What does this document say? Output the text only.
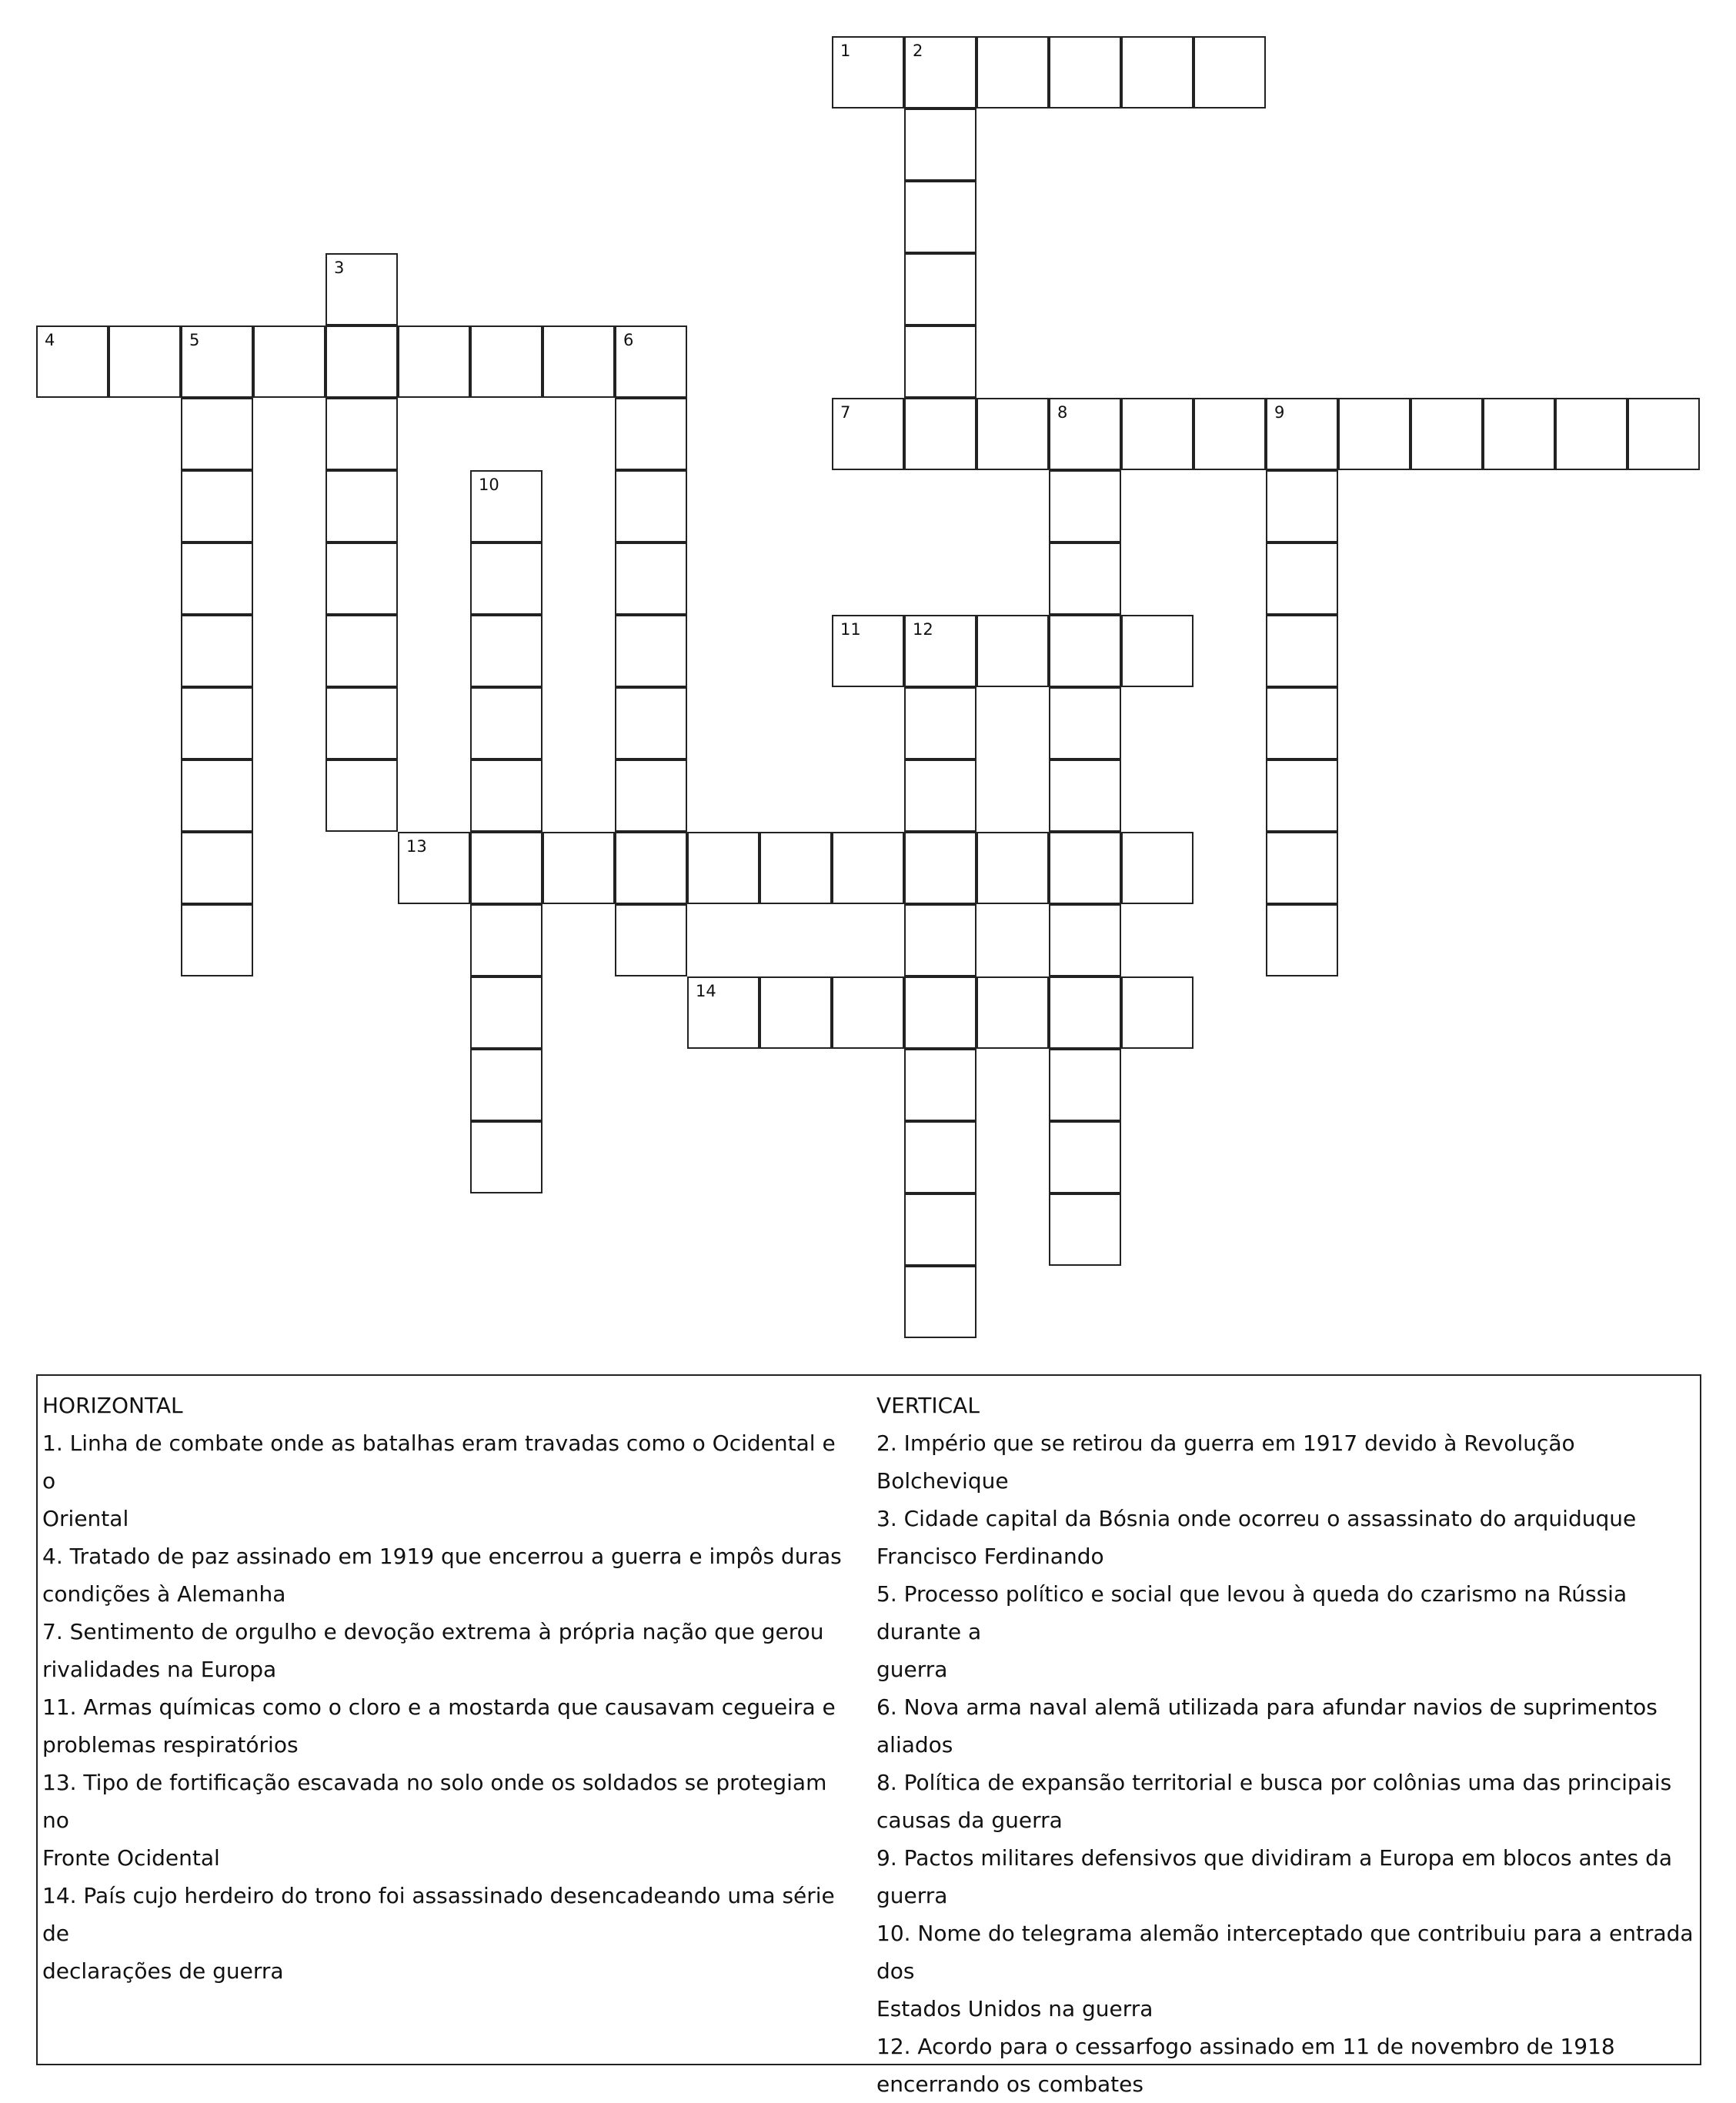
1	2
3
4	5	6
7	8	9
10
11	12
13
14
HORIZONTAL
1. Linha de combate onde as batalhas eram travadas como o Ocidental e o
Oriental
4. Tratado de paz assinado em 1919 que encerrou a guerra e impôs duras
condições à Alemanha
7. Sentimento de orgulho e devoção extrema à própria nação que gerou
rivalidades na Europa
11. Armas químicas como o cloro e a mostarda que causavam cegueira e
problemas respiratórios
13. Tipo de fortificação escavada no solo onde os soldados se protegiam no
Fronte Ocidental
14. País cujo herdeiro do trono foi assassinado desencadeando uma série de
declarações de guerra
VERTICAL
2. Império que se retirou da guerra em 1917 devido à Revolução Bolchevique
3. Cidade capital da Bósnia onde ocorreu o assassinato do arquiduque
Francisco Ferdinando
5. Processo político e social que levou à queda do czarismo na Rússia durante a
guerra
6. Nova arma naval alemã utilizada para afundar navios de suprimentos
aliados
8. Política de expansão territorial e busca por colônias uma das principais
causas da guerra
9. Pactos militares defensivos que dividiram a Europa em blocos antes da
guerra
10. Nome do telegrama alemão interceptado que contribuiu para a entrada dos
Estados Unidos na guerra
12. Acordo para o cessarfogo assinado em 11 de novembro de 1918
encerrando os combates
